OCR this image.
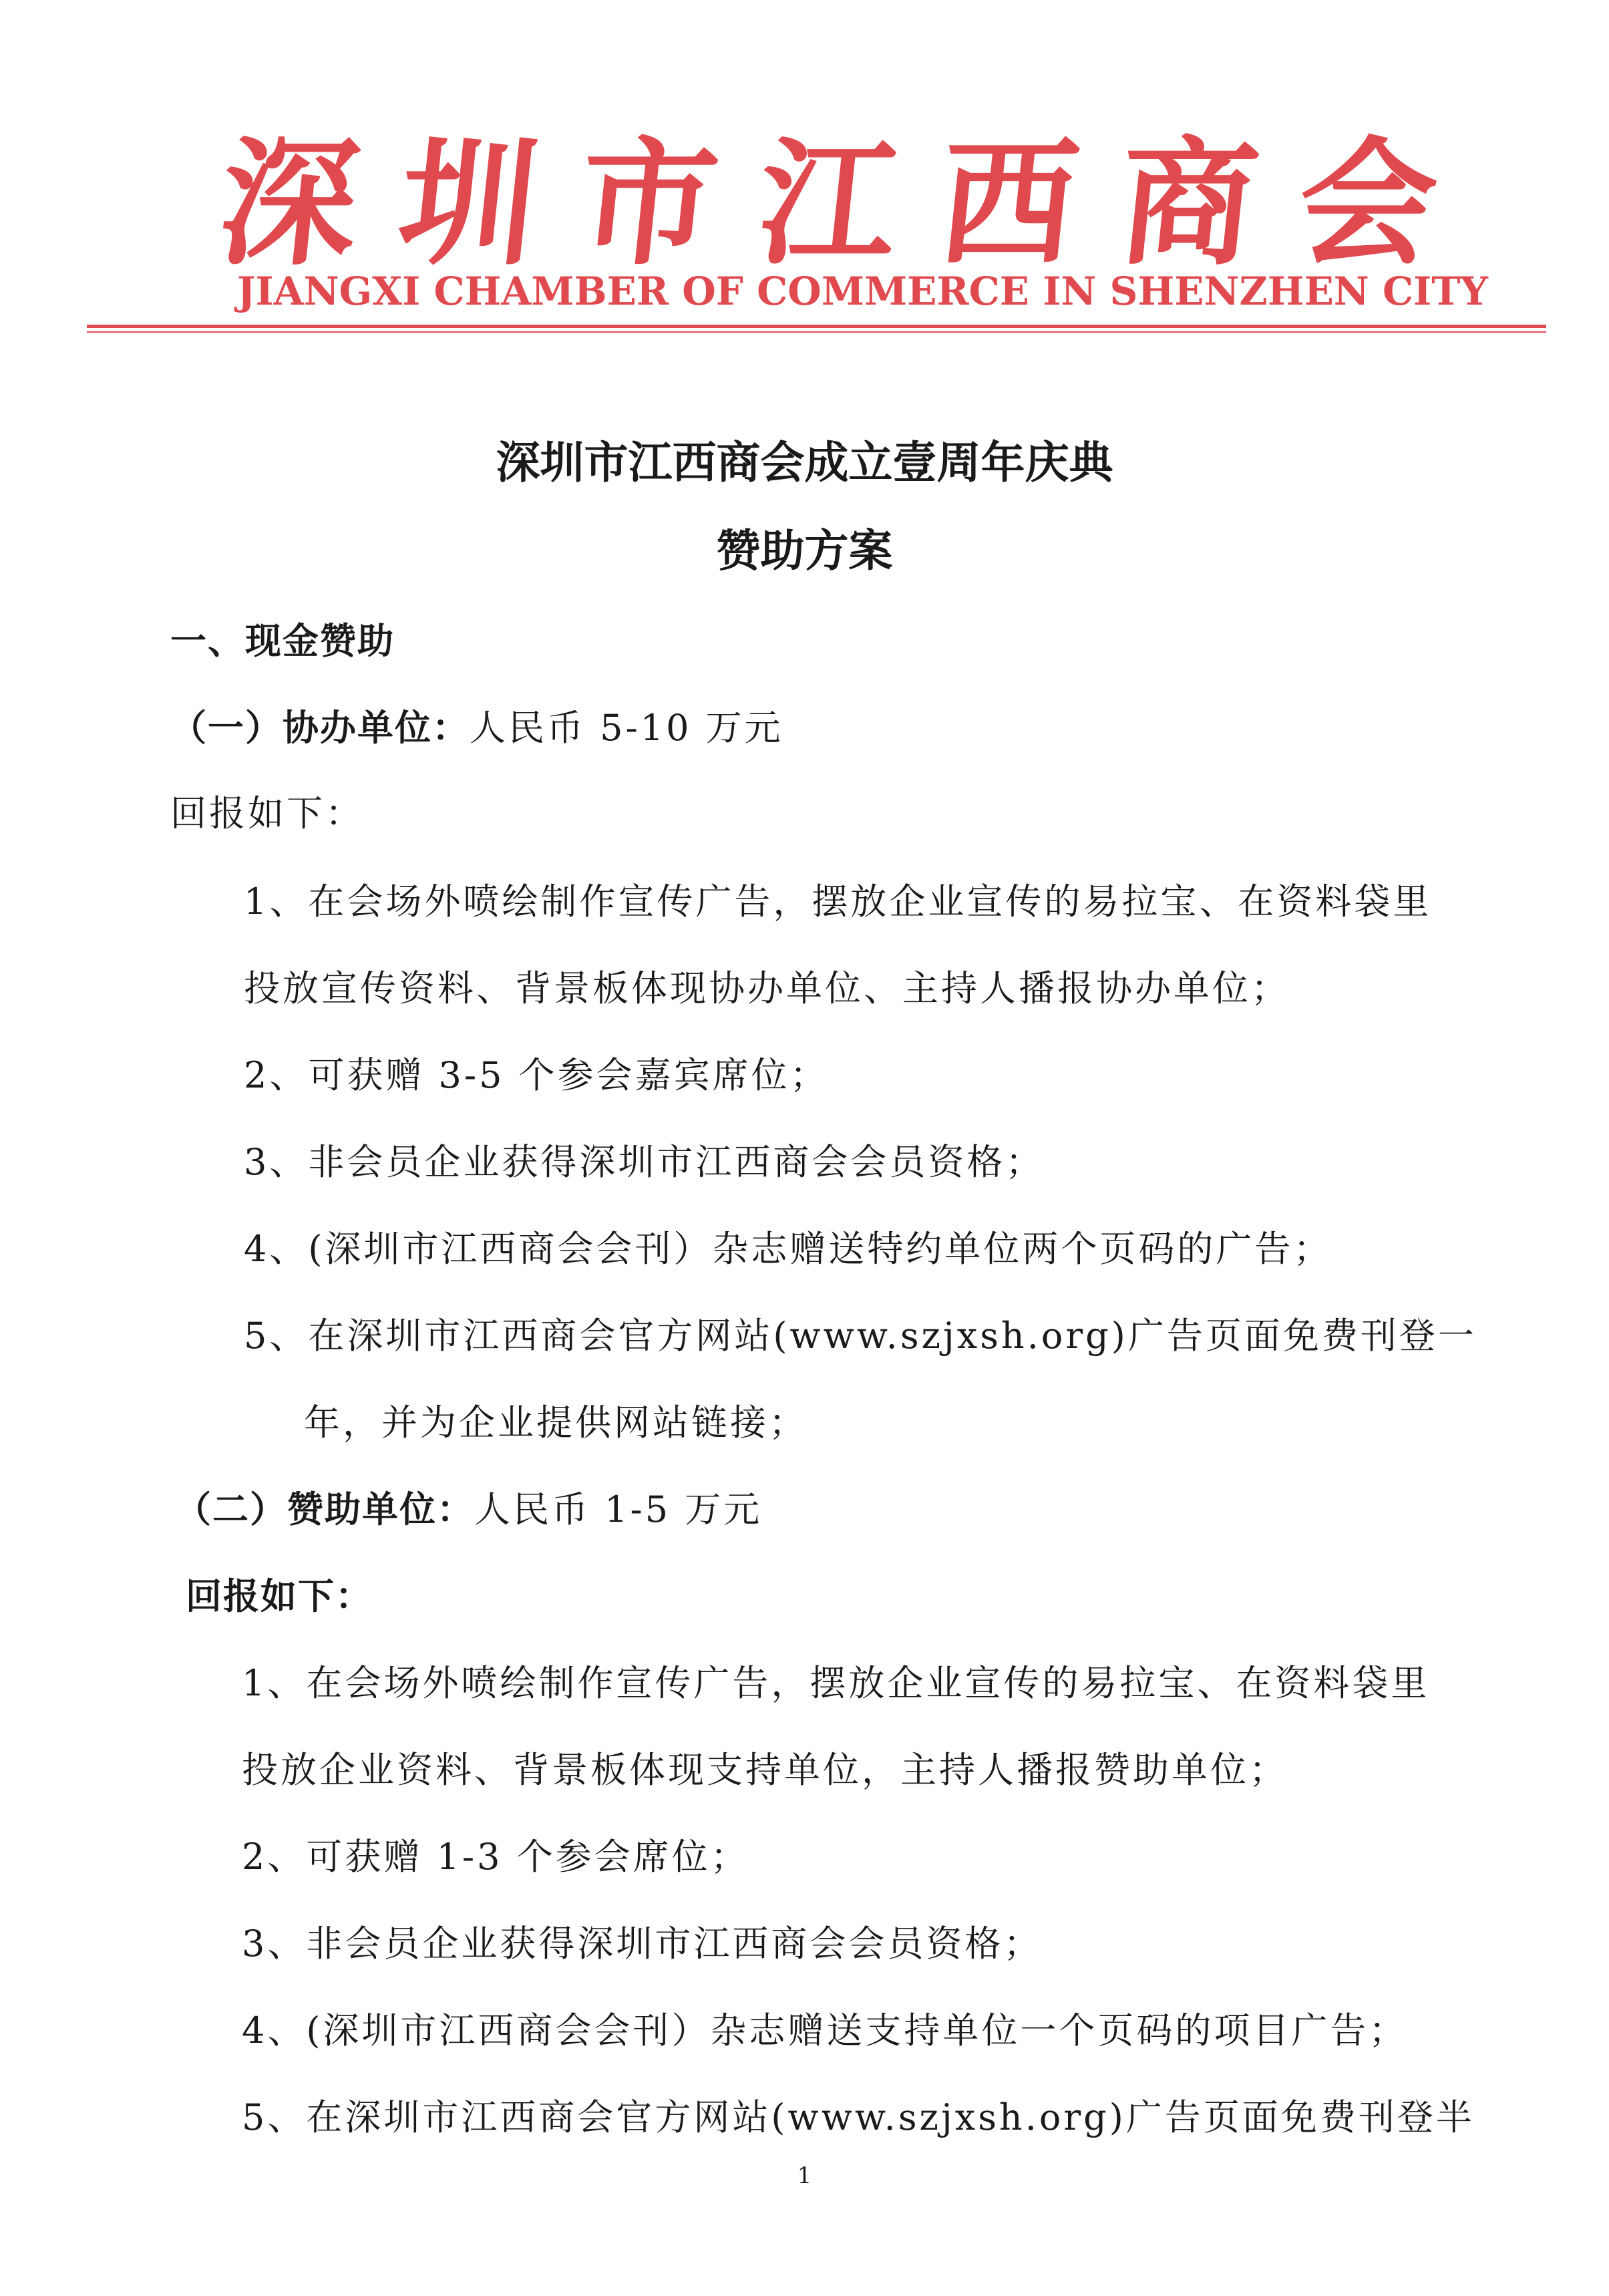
深 圳 市 江 西 商 会
JIANGXI CHAMBER OF COMMERCE IN SHENZHEN CITY
深圳市江西商会成立壹周年庆典
赞助方案
一、现金赞助
（一）协办单位：人民币 5-10 万元
回报如下：
1、在会场外喷绘制作宣传广告，摆放企业宣传的易拉宝、在资料袋里
投放宣传资料、背景板体现协办单位、主持人播报协办单位；
2、可获赠 3-5 个参会嘉宾席位；
3、非会员企业获得深圳市江西商会会员资格；
4、(深圳市江西商会会刊）杂志赠送特约单位两个页码的广告；
5、在深圳市江西商会官方网站(www.szjxsh.org)广告页面免费刊登一
年，并为企业提供网站链接；
（二）赞助单位：人民币 1-5 万元
回报如下：
1、在会场外喷绘制作宣传广告，摆放企业宣传的易拉宝、在资料袋里
投放企业资料、背景板体现支持单位，主持人播报赞助单位；
2、可获赠 1-3 个参会席位；
3、非会员企业获得深圳市江西商会会员资格；
4、(深圳市江西商会会刊）杂志赠送支持单位一个页码的项目广告；
5、在深圳市江西商会官方网站(www.szjxsh.org)广告页面免费刊登半
1
